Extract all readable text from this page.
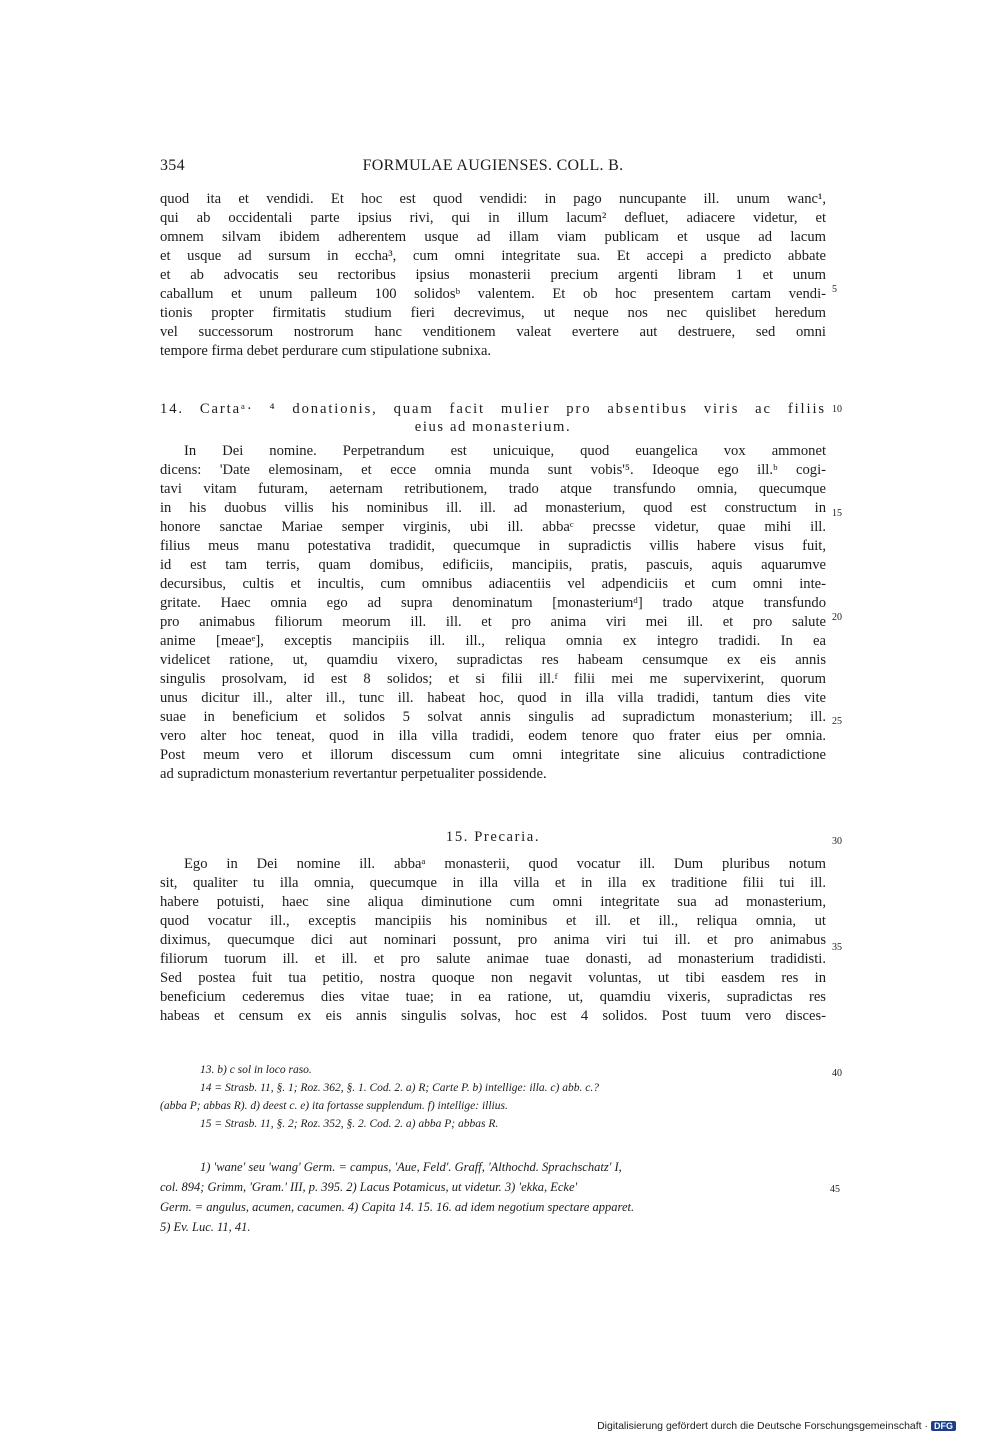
354	FORMULAE AUGIENSES. COLL. B.
quod ita et vendidi. Et hoc est quod vendidi: in pago nuncupante ill. unum wanc¹,
qui ab occidentali parte ipsius rivi, qui in illum lacum² defluet, adiacere videtur, et
omnem silvam ibidem adherentem usque ad illam viam publicam et usque ad lacum
et usque ad sursum in eccha³, cum omni integritate sua. Et accepi a predicto abbate
et ab advocatis seu rectoribus ipsius monasterii precium argenti libram 1 et unum
caballum et unum palleum 100 solidosᵇ valentem. Et ob hoc presentem cartam vendi-
tionis propter firmitatis studium fieri decrevimus, ut neque nos nec quislibet heredum
vel successorum nostrorum hanc venditionem valeat evertere aut destruere, sed omni
tempore firma debet perdurare cum stipulatione subnixa.
5
14. Cartaᵃ· ⁴ donationis, quam facit mulier pro absentibus viris ac filiis
eius ad monasterium.
10
In Dei nomine. Perpetrandum est unicuique, quod euangelica vox ammonet
dicens: 'Date elemosinam, et ecce omnia munda sunt vobis'⁵. Ideoque ego ill.ᵇ cogi-
tavi vitam futuram, aeternam retributionem, trado atque transfundo omnia, quecumque
in his duobus villis his nominibus ill. ill. ad monasterium, quod est constructum in
honore sanctae Mariae semper virginis, ubi ill. abbaᶜ precsse videtur, quae mihi ill.
filius meus manu potestativa tradidit, quecumque in supradictis villis habere visus fuit,
id est tam terris, quam domibus, edificiis, mancipiis, pratis, pascuis, aquis aquarumve
decursibus, cultis et incultis, cum omnibus adiacentiis vel adpendiciis et cum omni inte-
gritate. Haec omnia ego ad supra denominatum [monasteriumᵈ] trado atque transfundo
pro animabus filiorum meorum ill. ill. et pro anima viri mei ill. et pro salute
anime [meaeᵉ], exceptis mancipiis ill. ill., reliqua omnia ex integro tradidi. In ea
videlicet ratione, ut, quamdiu vixero, supradictas res habeam censumque ex eis annis
singulis prosolvam, id est 8 solidos; et si filii ill.ᶠ filii mei me supervixerint, quorum
unus dicitur ill., alter ill., tunc ill. habeat hoc, quod in illa villa tradidi, tantum dies vite
suae in beneficium et solidos 5 solvat annis singulis ad supradictum monasterium; ill.
vero alter hoc teneat, quod in illa villa tradidi, eodem tenore quo frater eius per omnia.
Post meum vero et illorum discessum cum omni integritate sine alicuius contradictione
ad supradictum monasterium revertantur perpetualiter possidende.
15
20
25
15. Precaria.	30
Ego in Dei nomine ill. abbaᵃ monasterii, quod vocatur ill. Dum pluribus notum
sit, qualiter tu illa omnia, quecumque in illa villa et in illa ex traditione filii tui ill.
habere potuisti, haec sine aliqua diminutione cum omni integritate sua ad monasterium,
quod vocatur ill., exceptis mancipiis his nominibus et ill. et ill., reliqua omnia, ut
diximus, quecumque dici aut nominari possunt, pro anima viri tui ill. et pro animabus
filiorum tuorum ill. et ill. et pro salute animae tuae donasti, ad monasterium tradidisti.
Sed postea fuit tua petitio, nostra quoque non negavit voluntas, ut tibi easdem res in
beneficium cederemus dies vitae tuae; in ea ratione, ut, quamdiu vixeris, supradictas res
habeas et censum ex eis annis singulis solvas, hoc est 4 solidos. Post tuum vero disces-
35
13. b) c sol in loco raso.
14 = Strasb. 11, §. 1; Roz. 362, §. 1. Cod. 2. a) R; Carte P. b) intellige: illa. c) abb. c.?
(abba P; abbas R). d) deest c. e) ita fortasse supplendum. f) intellige: illius.
15 = Strasb. 11, §. 2; Roz. 352, §. 2. Cod. 2. a) abba P; abbas R.
40
1) 'wane' seu 'wang' Germ. = campus, 'Aue, Feld'. Graff, 'Althochd. Sprachschatz' I,
col. 894; Grimm, 'Gram.' III, p. 395. 2) Lacus Potamicus, ut videtur. 3) 'ekka, Ecke'
Germ. = angulus, acumen, cacumen. 4) Capita 14. 15. 16. ad idem negotium spectare apparet.
5) Ev. Luc. 11, 41.
45
Digitalisierung gefördert durch die Deutsche Forschungsgemeinschaft · DFG
